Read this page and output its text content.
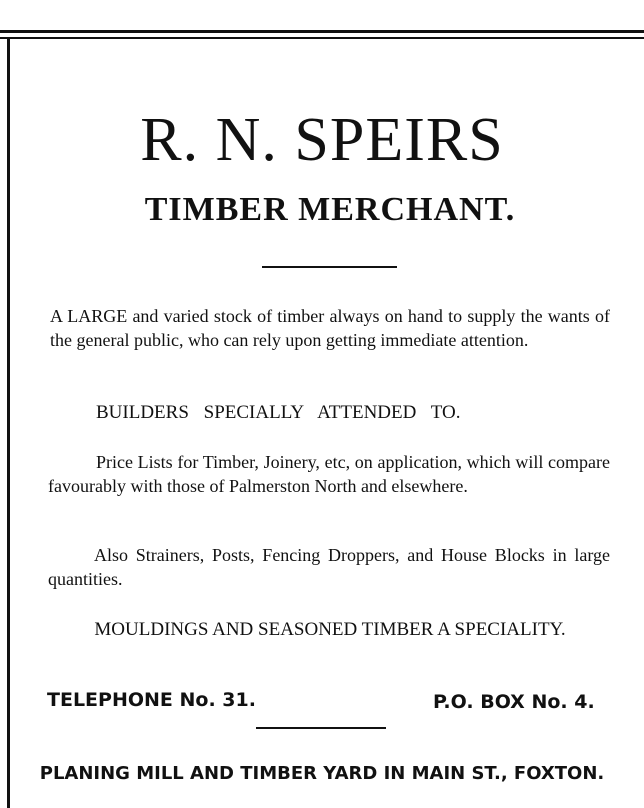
R. N. SPEIRS
TIMBER MERCHANT.

A LARGE and varied stock of timber always on hand to supply the wants of the general public, who can rely upon getting immediate attention.

BUILDERS SPECIALLY ATTENDED TO.

Price Lists for Timber, Joinery, etc, on application, which will compare favourably with those of Palmerston North and elsewhere.

Also Strainers, Posts, Fencing Droppers, and House Blocks in large quantities.

MOULDINGS AND SEASONED TIMBER A SPECIALITY.

TELEPHONE No. 31.	P.O. BOX No. 4.

PLANING MILL AND TIMBER YARD IN MAIN ST., FOXTON.
